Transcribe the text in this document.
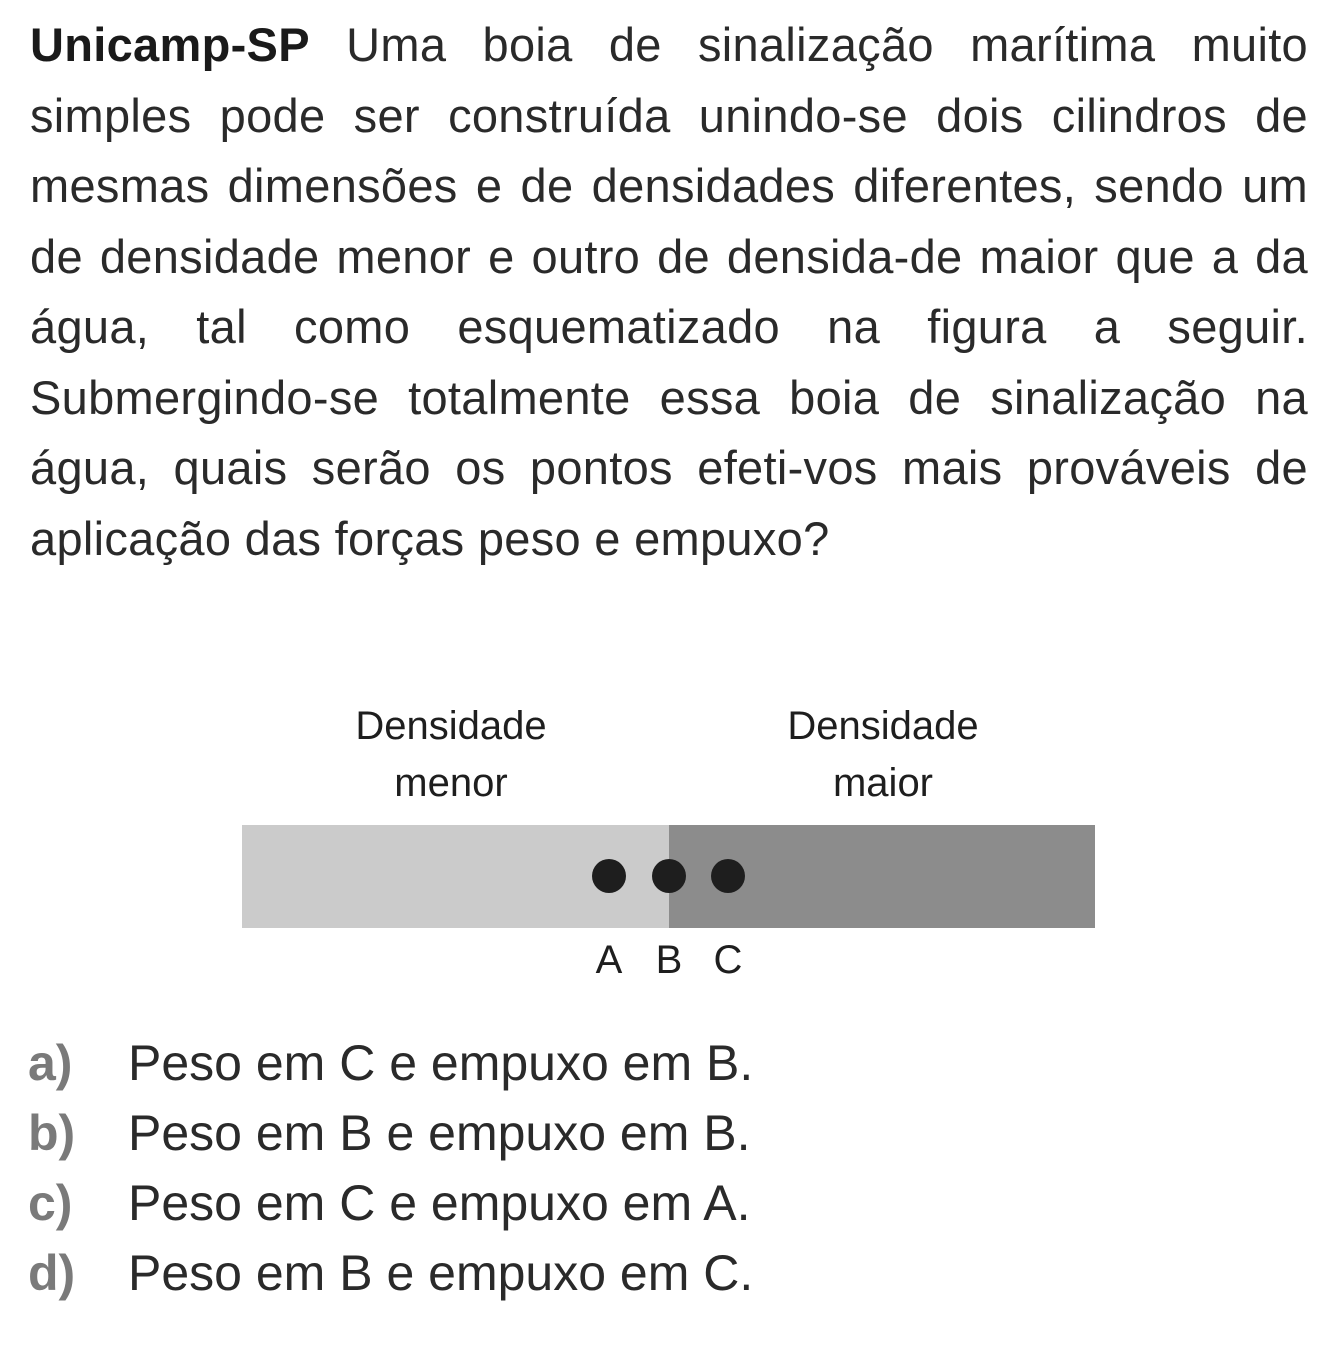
Unicamp-SP Uma boia de sinalização marítima muito simples pode ser construída unindo-se dois cilindros de mesmas dimensões e de densidades diferentes, sendo um de densidade menor e outro de densida-de maior que a da água, tal como esquematizado na figura a seguir. Submergindo-se totalmente essa boia de sinalização na água, quais serão os pontos efeti-vos mais prováveis de aplicação das forças peso e empuxo?
Densidade
menor
Densidade
maior
A B C
a) Peso em C e empuxo em B.
b) Peso em B e empuxo em B.
c) Peso em C e empuxo em A.
d) Peso em B e empuxo em C.
